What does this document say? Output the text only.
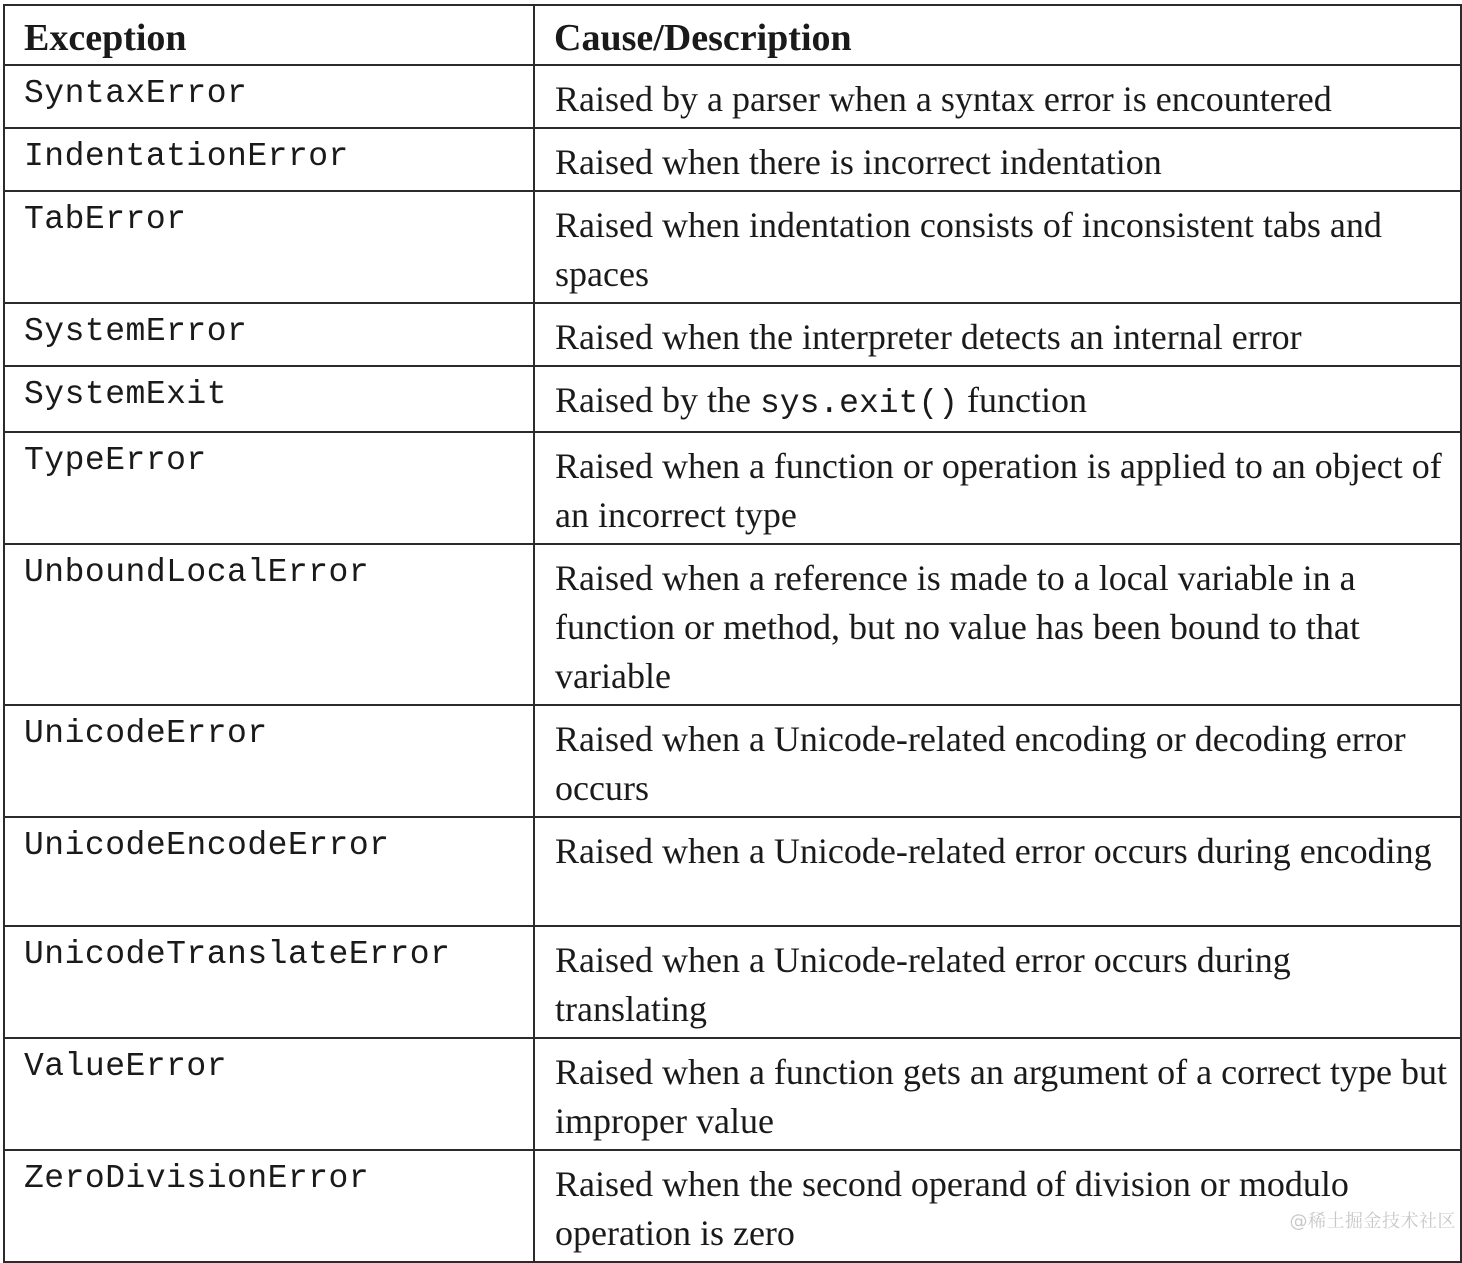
Exception	Cause/Description

SyntaxError	Raised by a parser when a syntax error is encountered

IndentationError	Raised when there is incorrect indentation

TabError	Raised when indentation consists of inconsistent tabs and spaces

SystemError	Raised when the interpreter detects an internal error

SystemExit	Raised by the sys.exit() function

TypeError	Raised when a function or operation is applied to an object of an incorrect type

UnboundLocalError	Raised when a reference is made to a local variable in a function or method, but no value has been bound to that variable

UnicodeError	Raised when a Unicode-related encoding or decoding error occurs

UnicodeEncodeError	Raised when a Unicode-related error occurs during encoding

UnicodeTranslateError	Raised when a Unicode-related error occurs during translating

ValueError	Raised when a function gets an argument of a correct type but improper value

ZeroDivisionError	Raised when the second operand of division or modulo operation is zero	@稀土掘金技术社区
